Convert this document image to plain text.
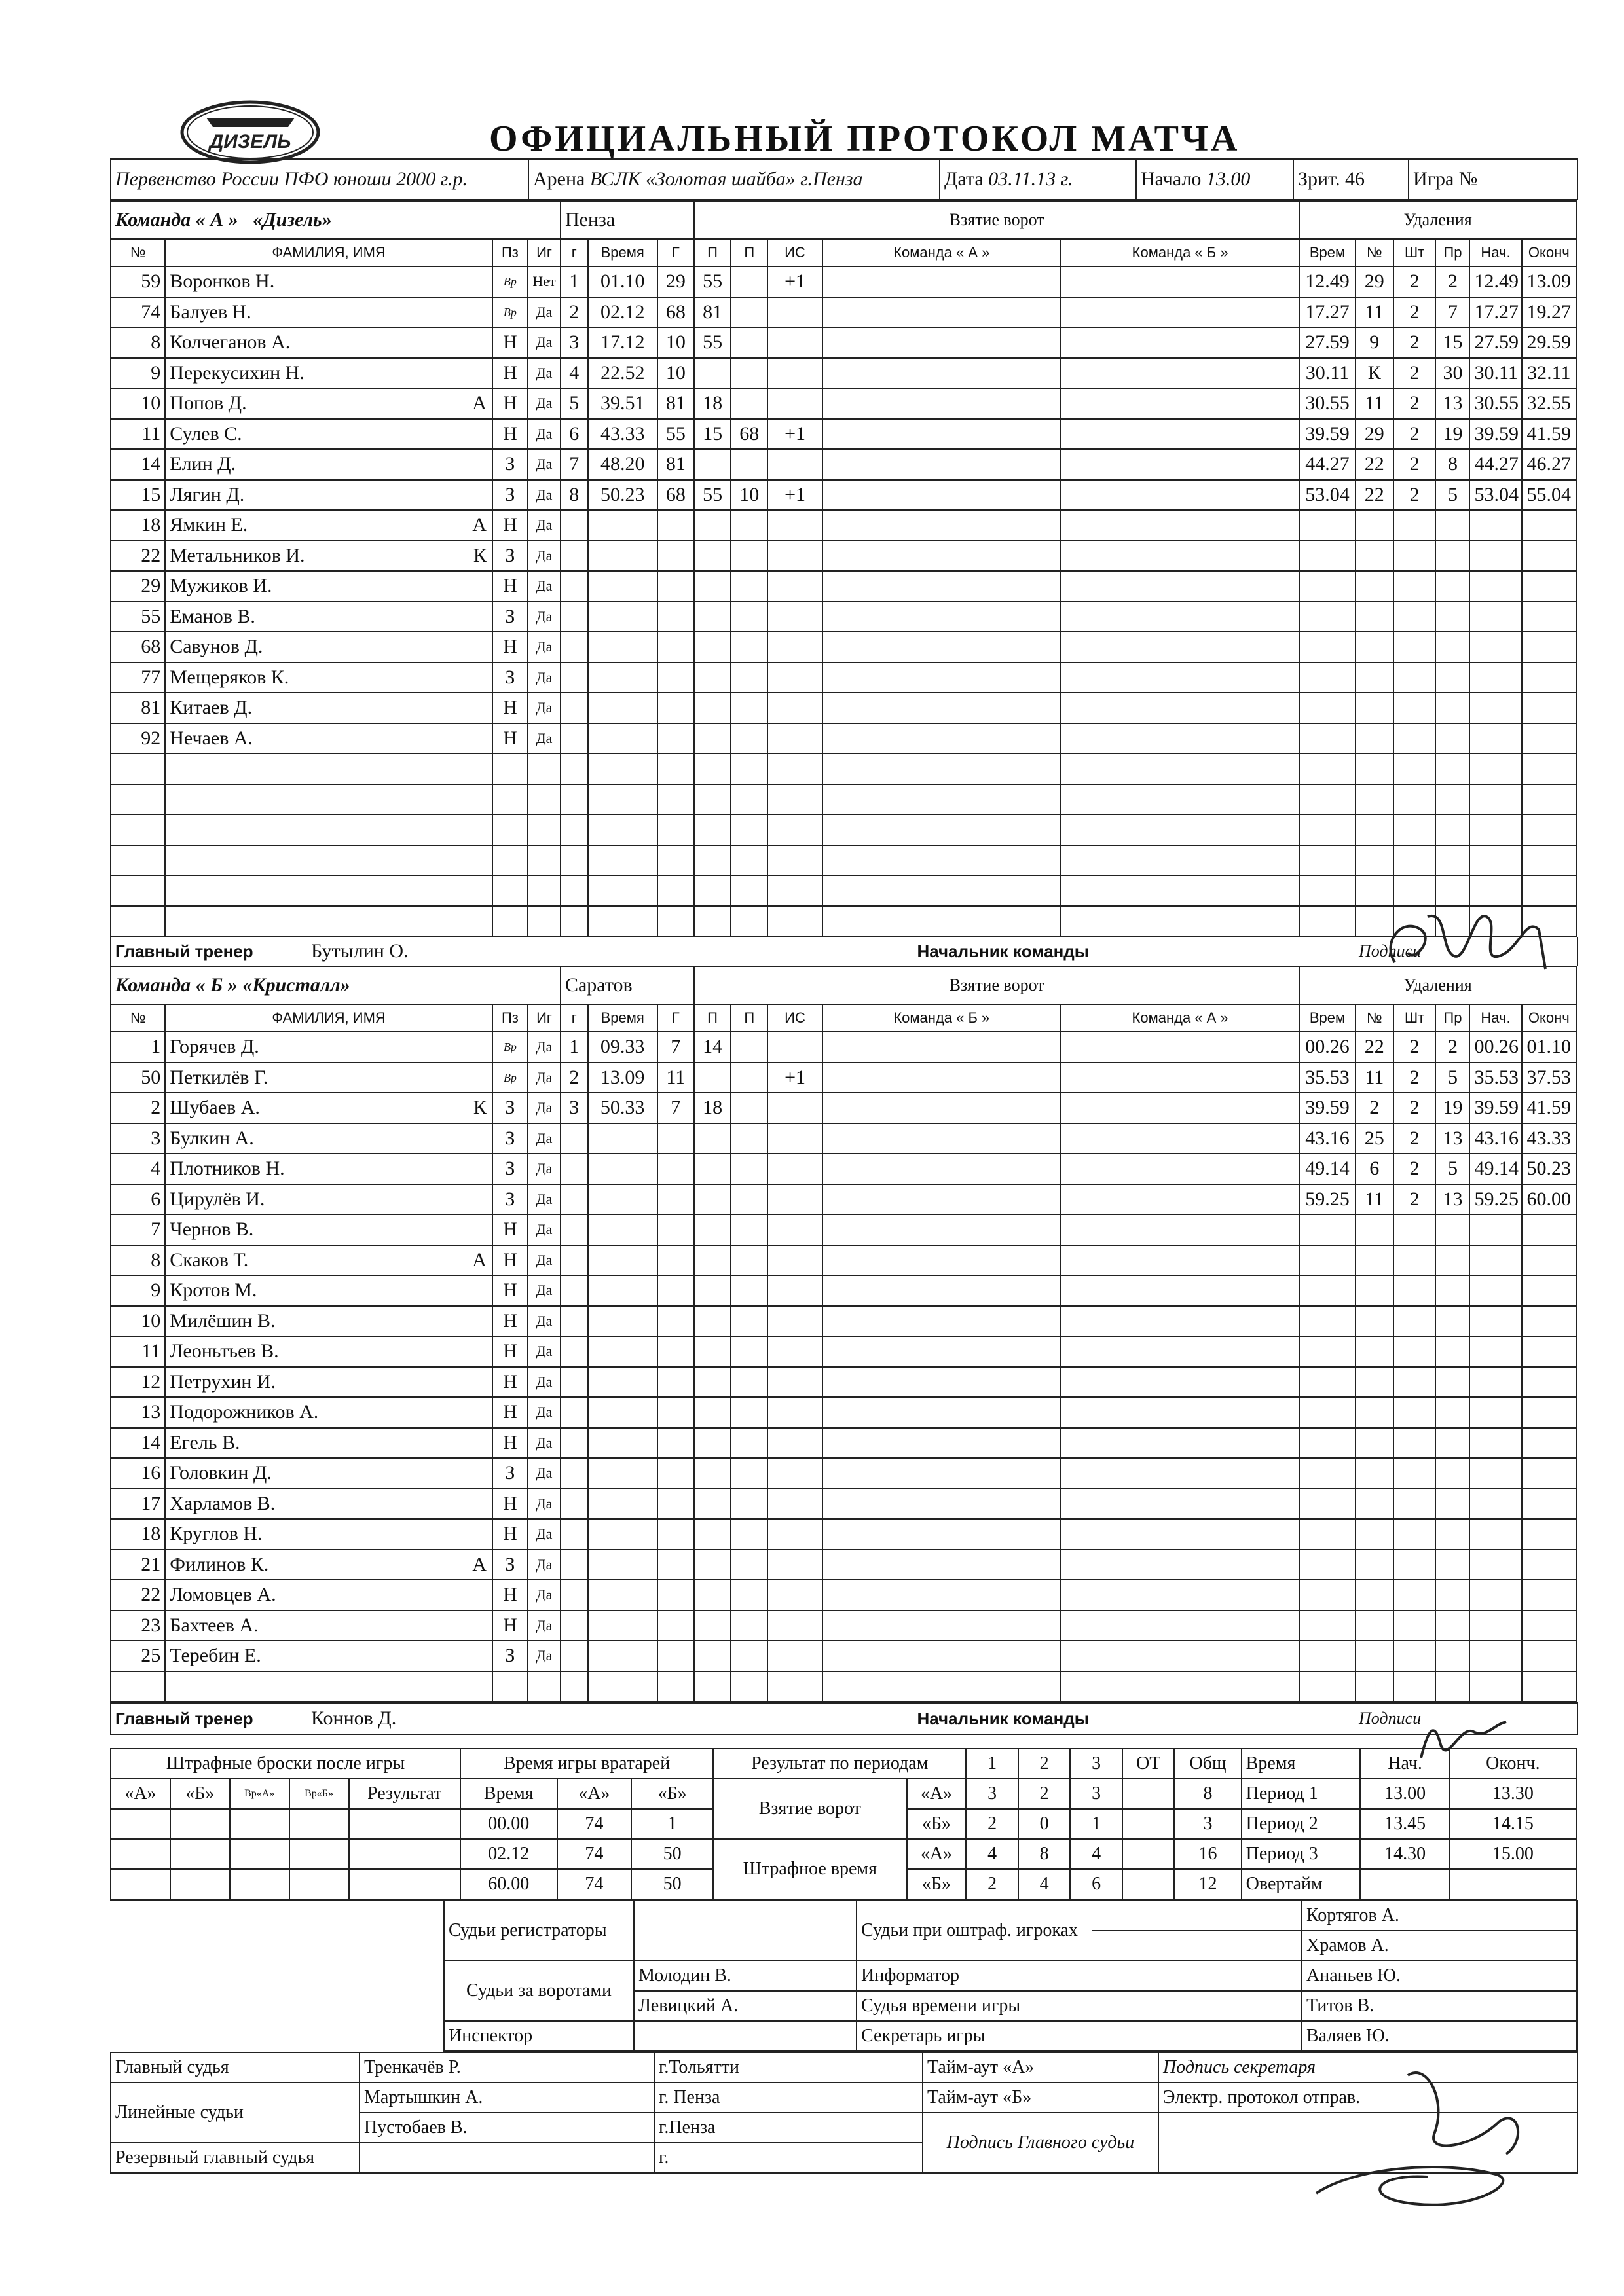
ДИЗЕЛЬ	ОФИЦИАЛЬНЫЙ ПРОТОКОЛ МАТЧА
Первенство России ПФО юноши 2000 г.р.	Арена ВСЛК «Золотая шайба» г.Пенза	Дата 03.11.13 г.	Начало 13.00	Зрит. 46	Игра №
Команда « А » «Дизель»				Пенза			Взятие ворот					Удаления					
№	ФАМИЛИЯ, ИМЯ	Пз	Иг	г	Время	Г	П	П	ИС	Команда « А »	Команда « Б »	Врем	№	Шт	Пр	Нач.	Оконч
59	Воронков Н.	Вр	Нет	1	01.10	29	55		+1			12.49	29	2	2	12.49	13.09
74	Балуев Н.	Вр	Да	2	02.12	68	81					17.27	11	2	7	17.27	19.27
8	Колчеганов А.	Н	Да	3	17.12	10	55					27.59	9	2	15	27.59	29.59
9	Перекусихин Н.	Н	Да	4	22.52	10						30.11	К	2	30	30.11	32.11
10	Попов Д. А	Н	Да	5	39.51	81	18					30.55	11	2	13	30.55	32.55
11	Сулев С.	Н	Да	6	43.33	55	15	68	+1			39.59	29	2	19	39.59	41.59
14	Елин Д.	З	Да	7	48.20	81						44.27	22	2	8	44.27	46.27
15	Лягин Д.	З	Да	8	50.23	68	55	10	+1			53.04	22	2	5	53.04	55.04
18	Ямкин Е. А	Н	Да														
22	Метальников И. К	З	Да														
29	Мужиков И.	Н	Да														
55	Еманов В.	З	Да														
68	Савунов Д.	Н	Да														
77	Мещеряков К.	З	Да														
81	Китаев Д.	Н	Да														
92	Нечаев А.	Н	Да														

Главный тренер	Бутылин О.	Начальник команды		Подписи
Команда « Б » «Кристалл»				Саратов			Взятие ворот					Удаления					
№	ФАМИЛИЯ, ИМЯ	Пз	Иг	г	Время	Г	П	П	ИС	Команда « Б »	Команда « А »	Врем	№	Шт	Пр	Нач.	Оконч
1	Горячев Д.	Вр	Да	1	09.33	7	14					00.26	22	2	2	00.26	01.10
50	Петкилёв Г.	Вр	Да	2	13.09	11			+1			35.53	11	2	5	35.53	37.53
2	Шубаев А. К	З	Да	3	50.33	7	18					39.59	2	2	19	39.59	41.59
3	Булкин А.	З	Да									43.16	25	2	13	43.16	43.33
4	Плотников Н.	З	Да									49.14	6	2	5	49.14	50.23
6	Цирулёв И.	З	Да									59.25	11	2	13	59.25	60.00
7	Чернов В.	Н	Да														
8	Скаков Т. А	Н	Да														
9	Кротов М.	Н	Да														
10	Милёшин В.	Н	Да														
11	Леоньтьев В.	Н	Да														
12	Петрухин И.	Н	Да														
13	Подорожников А.	Н	Да														
14	Егель В.	Н	Да														
16	Головкин Д.	З	Да														
17	Харламов В.	Н	Да														
18	Круглов Н.	Н	Да														
21	Филинов К. А	З	Да														
22	Ломовцев А.	Н	Да														
23	Бахтеев А.	Н	Да														
25	Теребин Е.	З	Да														

Главный тренер	Коннов Д.	Начальник команды		Подписи
Штрафные броски после игры					Время игры вратарей			Результат по периодам		1	2	3	ОТ	Общ	Время	Нач.	Оконч.
«А»	«Б»	Вр«А»	Вр«Б»	Результат	Время	«А»	«Б»	Взятие ворот	«А»	3	2	3		8	Период 1	13.00	13.30
					00.00	74	1		«Б»	2	0	1		3	Период 2	13.45	14.15
					02.12	74	50	Штрафное время	«А»	4	8	4		16	Период 3	14.30	15.00
					60.00	74	50		«Б»	2	4	6		12	Овертайм		
	Судьи регистраторы		Судьи при оштраф. игроках		Кортягов А.
					Храмов А.
	Судьи за воротами	Молодин В.	Информатор		Ананьев Ю.
		Левицкий А.	Судья времени игры		Титов В.
	Инспектор		Секретарь игры		Валяев Ю.
Главный судья	Тренкачёв Р.	г.Тольятти	Тайм-аут «А»	Подпись секретаря
Линейные судьи	Мартышкин А.	г. Пенза	Тайм-аут «Б»	Электр. протокол отправ.
	Пустобаев В.	г.Пенза	Подпись Главного судьи	
Резервный главный судья		г.		
